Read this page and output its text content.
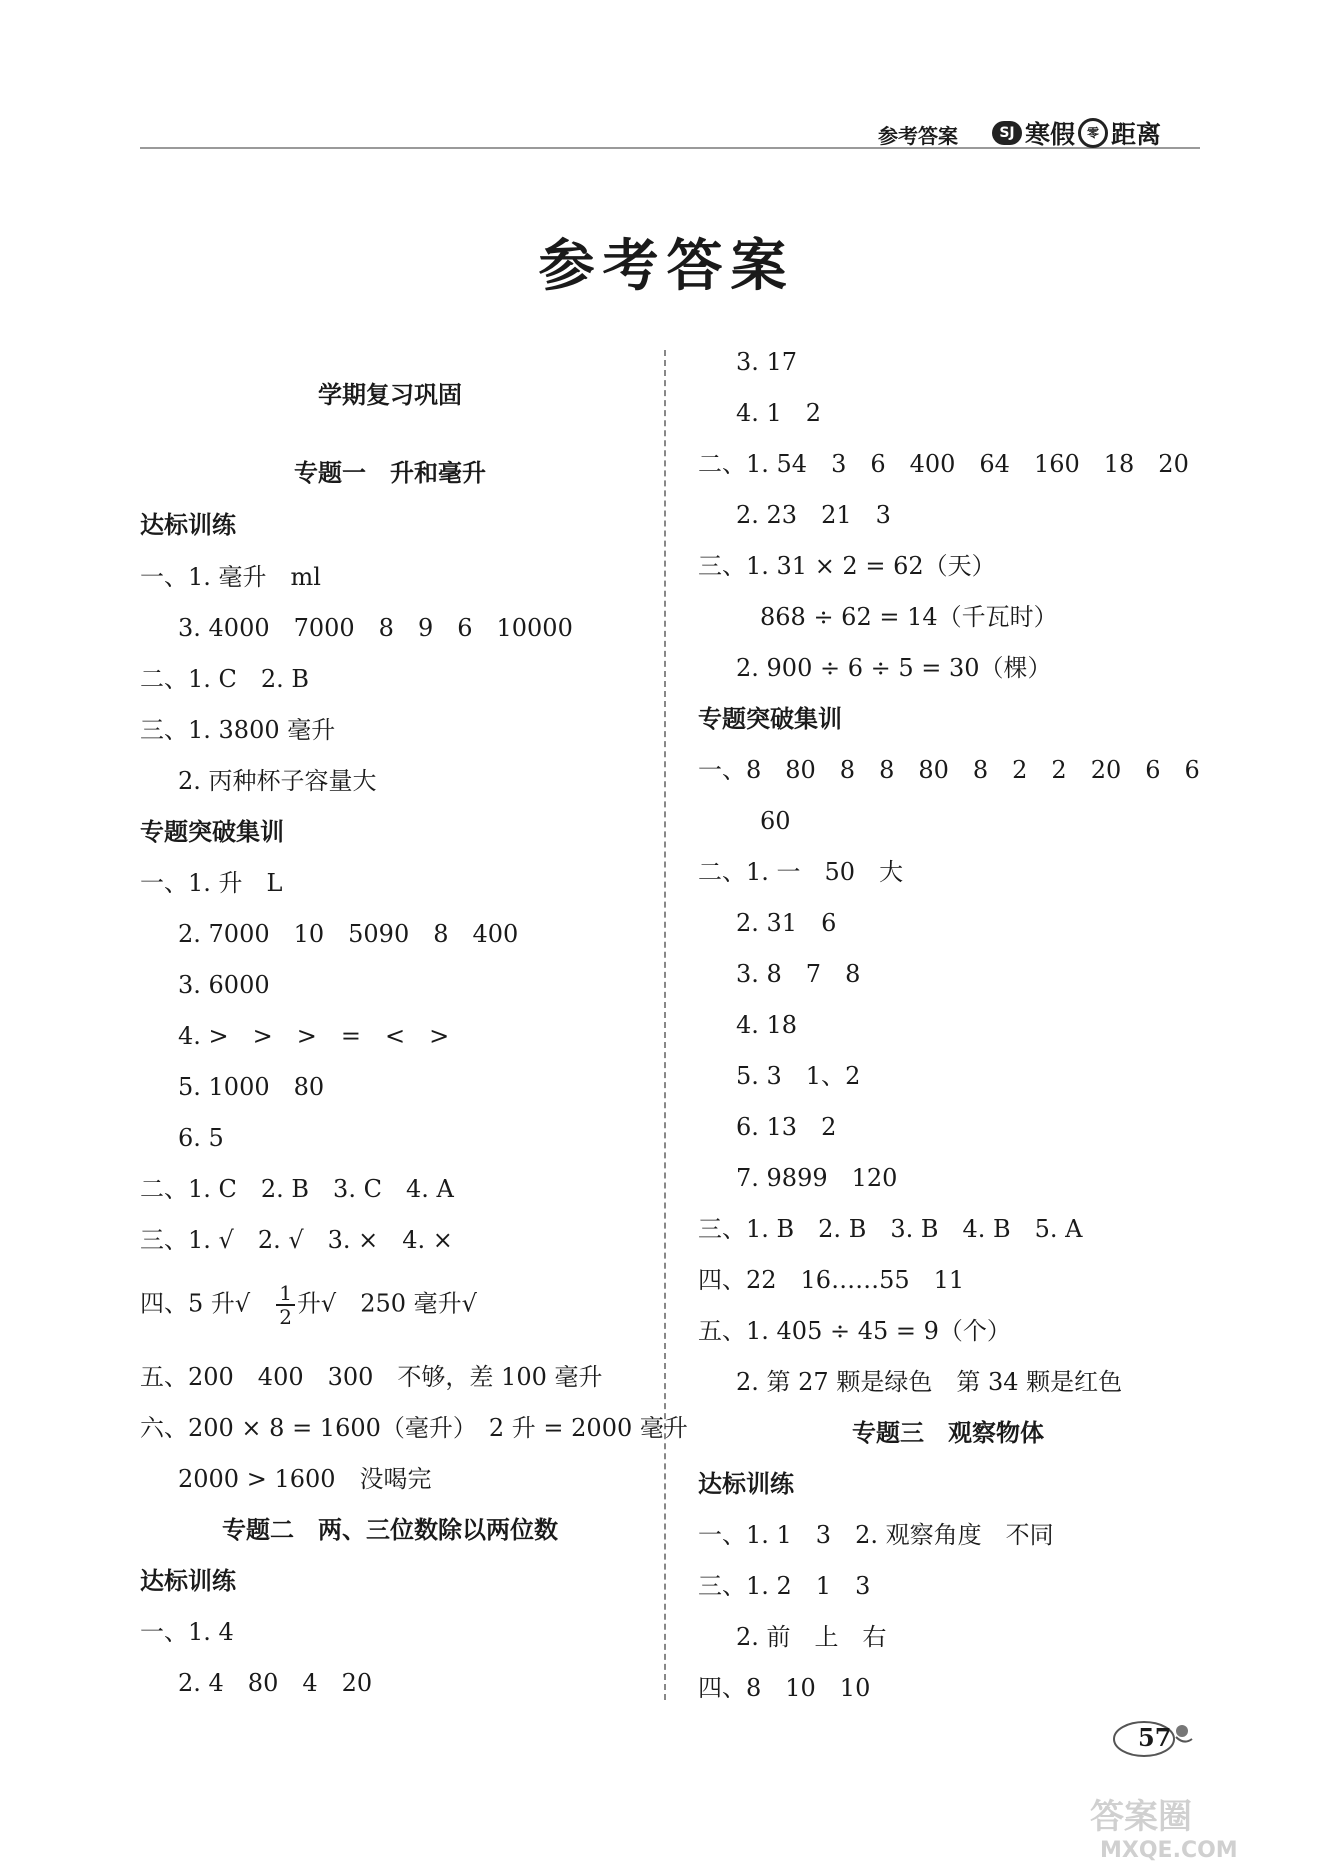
参考答案	SJ 寒假 零 距离
参考答案
学期复习巩固
专题一　升和毫升
达标训练
一、1. 毫升　ml
3. 4000　7000　8　9　6　10000
二、1. C　2. B
三、1. 3800 毫升
2. 丙种杯子容量大
专题突破集训
一、1. 升　L
2. 7000　10　5090　8　400
3. 6000
4. >　>　>　=　<　>
5. 1000　80
6. 5
二、1. C　2. B　3. C　4. A
三、1. √　2. √　3. ×　4. ×
四、5 升√　 $\frac{1}{2}$ 升√　250 毫升√
五、200　400　300　不够，差 100 毫升
六、200 × 8 = 1600（毫升）　2 升 = 2000 毫升
2000 > 1600　没喝完
专题二　两、三位数除以两位数
达标训练
一、1. 4
2. 4　80　4　20
3. 17
4. 1　2
二、1. 54　3　6　400　64　160　18　20
2. 23　21　3
三、1. 31 × 2 = 62（天）
868 ÷ 62 = 14（千瓦时）
2. 900 ÷ 6 ÷ 5 = 30（棵）
专题突破集训
一、8　80　8　8　80　8　2　2　20　6　6
60
二、1. 一　50　大
2. 31　6
3. 8　7　8
4. 18
5. 3　1、2
6. 13　2
7. 9899　120
三、1. B　2. B　3. B　4. B　5. A
四、22　16……55　11
五、1. 405 ÷ 45 = 9（个）
2. 第 27 颗是绿色　第 34 颗是红色
专题三　观察物体
达标训练
一、1. 1　3　2. 观察角度　不同
三、1. 2　1　3
2. 前　上　右
四、8　10　10
57
答案圈
MXQE.COM
